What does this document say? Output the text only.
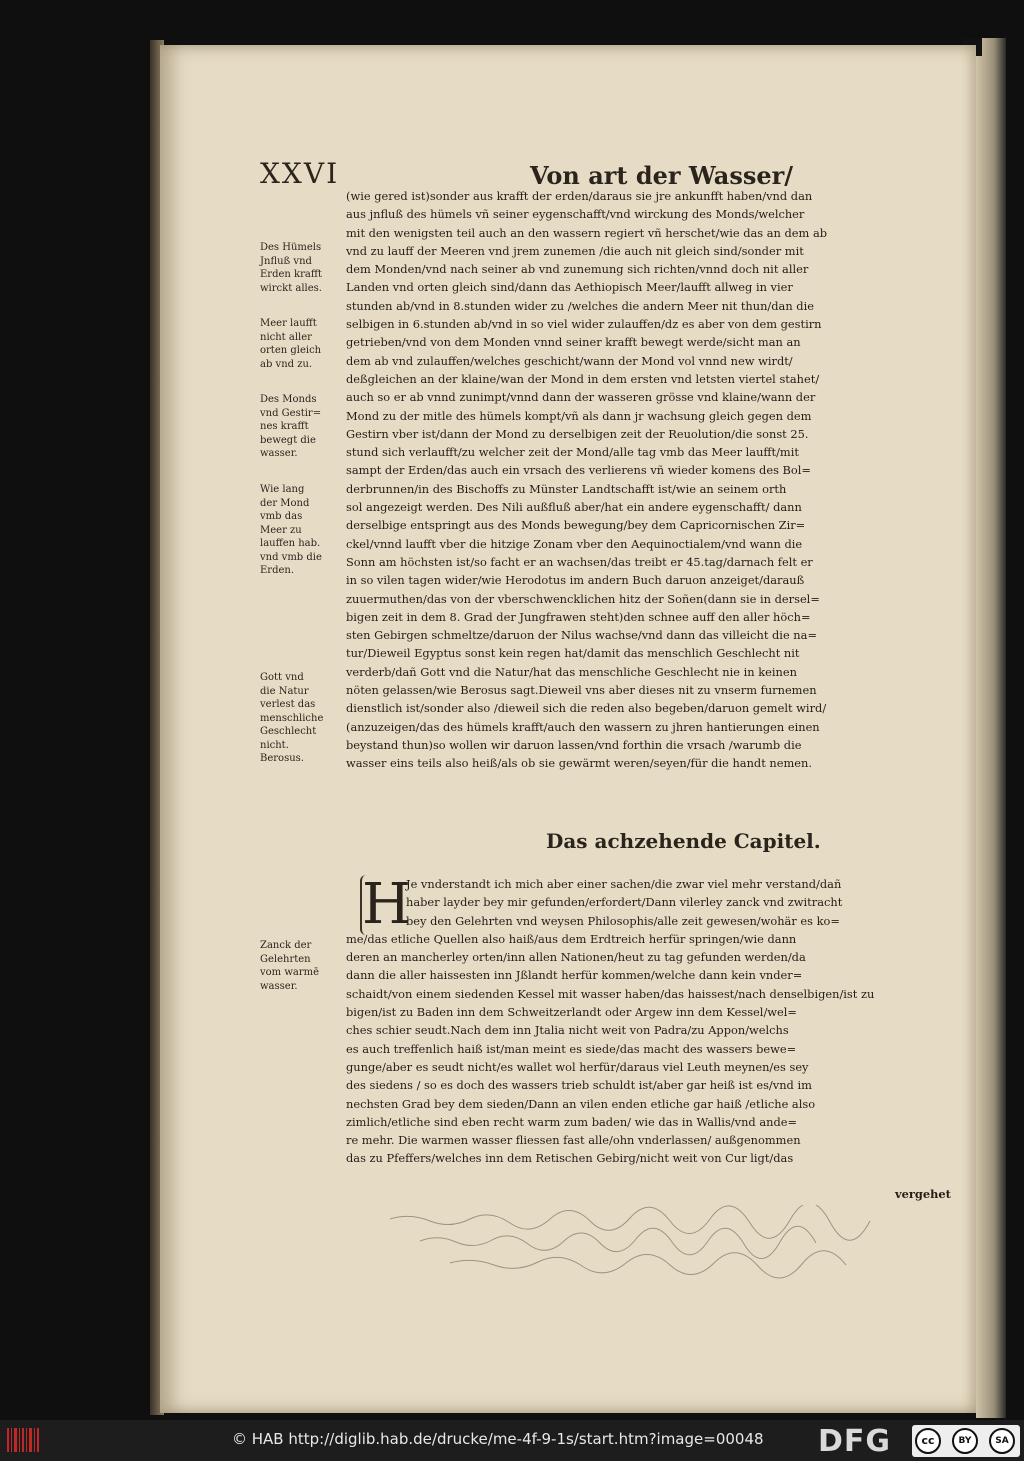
XXVI	Von art der Wasser/
(wie gered ist)sonder aus krafft der erden/daraus sie jre ankunfft haben/vnd dan
aus jnfluß des hümels vñ seiner eygenschafft/vnd wirckung des Monds/welcher
mit den wenigsten teil auch an den wassern regiert vñ herschet/wie das an dem ab
vnd zu lauff der Meeren vnd jrem zunemen /die auch nit gleich sind/sonder mit
dem Monden/vnd nach seiner ab vnd zunemung sich richten/vnnd doch nit aller
Landen vnd orten gleich sind/dann das Aethiopisch Meer/laufft allweg in vier
stunden ab/vnd in 8.stunden wider zu /welches die andern Meer nit thun/dan die
selbigen in 6.stunden ab/vnd in so viel wider zulauffen/dz es aber von dem gestirn
getrieben/vnd von dem Monden vnnd seiner krafft bewegt werde/sicht man an
dem ab vnd zulauffen/welches geschicht/wann der Mond vol vnnd new wirdt/
deßgleichen an der klaine/wan der Mond in dem ersten vnd letsten viertel stahet/
auch so er ab vnnd zunimpt/vnnd dann der wasseren grösse vnd klaine/wann der
Mond zu der mitle des hümels kompt/vñ als dann jr wachsung gleich gegen dem
Gestirn vber ist/dann der Mond zu derselbigen zeit der Reuolution/die sonst 25.
stund sich verlaufft/zu welcher zeit der Mond/alle tag vmb das Meer laufft/mit
sampt der Erden/das auch ein vrsach des verlierens vñ wieder komens des Bol=
derbrunnen/in des Bischoffs zu Münster Landtschafft ist/wie an seinem orth
sol angezeigt werden. Des Nili außfluß aber/hat ein andere eygenschafft/ dann
derselbige entspringt aus des Monds bewegung/bey dem Capricornischen Zir=
ckel/vnnd laufft vber die hitzige Zonam vber den Aequinoctialem/vnd wann die
Sonn am höchsten ist/so facht er an wachsen/das treibt er 45.tag/darnach felt er
in so vilen tagen wider/wie Herodotus im andern Buch daruon anzeiget/darauß
zuuermuthen/das von der vberschwencklichen hitz der Soñen(dann sie in dersel=
bigen zeit in dem 8. Grad der Jungfrawen steht)den schnee auff den aller höch=
sten Gebirgen schmeltze/daruon der Nilus wachse/vnd dann das villeicht die na=
tur/Dieweil Egyptus sonst kein regen hat/damit das menschlich Geschlecht nit
verderb/dañ Gott vnd die Natur/hat das menschliche Geschlecht nie in keinen
nöten gelassen/wie Berosus sagt.Dieweil vns aber dieses nit zu vnserm furnemen
dienstlich ist/sonder also /dieweil sich die reden also begeben/daruon gemelt wird/
(anzuzeigen/das des hümels krafft/auch den wassern zu jhren hantierungen einen
beystand thun)so wollen wir daruon lassen/vnd forthin die vrsach /warumb die
wasser eins teils also heiß/als ob sie gewärmt weren/seyen/für die handt nemen.

Des Hümels
Jnfluß vnd
Erden krafft
wirckt alles.

Meer laufft
nicht aller
orten gleich
ab vnd zu.

Des Monds
vnd Gestir=
nes krafft
bewegt die
wasser.

Wie lang
der Mond
vmb das
Meer zu
lauffen hab.
vnd vmb die
Erden.

Gott vnd
die Natur
verlest das
menschliche
Geschlecht
nicht.
Berosus.

Zanck der
Gelehrten
vom warmē
wasser.

Das achzehende Capitel.
H
Je vnderstandt ich mich aber einer sachen/die zwar viel mehr verstand/dañ
haber layder bey mir gefunden/erfordert/Dann vilerley zanck vnd zwitracht
bey den Gelehrten vnd weysen Philosophis/alle zeit gewesen/wohär es ko=
me/das etliche Quellen also haiß/aus dem Erdtreich herfür springen/wie dann
deren an mancherley orten/inn allen Nationen/heut zu tag gefunden werden/da
dann die aller haissesten inn Jßlandt herfür kommen/welche dann kein vnder=
schaidt/von einem siedenden Kessel mit wasser haben/das haissest/nach denselbigen/ist zu
bigen/ist zu Baden inn dem Schweitzerlandt oder Argew inn dem Kessel/wel=
ches schier seudt.Nach dem inn Jtalia nicht weit von Padra/zu Appon/welchs
es auch treffenlich haiß ist/man meint es siede/das macht des wassers bewe=
gunge/aber es seudt nicht/es wallet wol herfür/daraus viel Leuth meynen/es sey
des siedens / so es doch des wassers trieb schuldt ist/aber gar heiß ist es/vnd im
nechsten Grad bey dem sieden/Dann an vilen enden etliche gar haiß /etliche also
zimlich/etliche sind eben recht warm zum baden/ wie das in Wallis/vnd ande=
re mehr. Die warmen wasser fliessen fast alle/ohn vnderlassen/ außgenommen
das zu Pfeffers/welches inn dem Retischen Gebirg/nicht weit von Cur ligt/das
vergehet
© HAB http://diglib.hab.de/drucke/me-4f-9-1s/start.htm?image=00048 DFG	cc	BY	SA
